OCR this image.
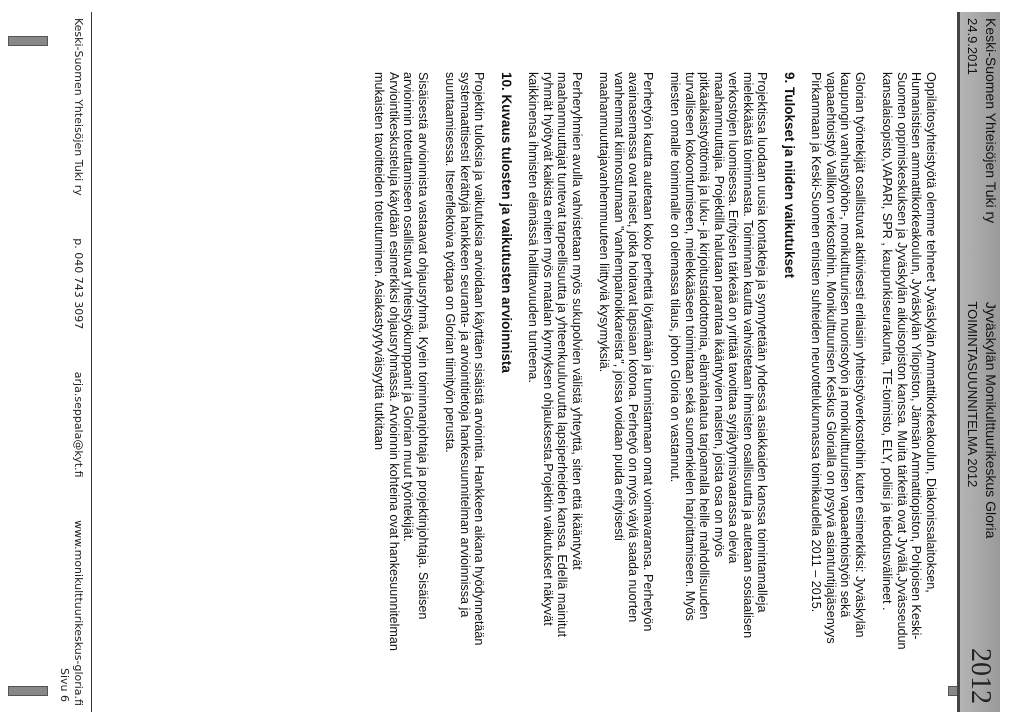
Keski-Suomen Yhteisöjen Tuki ry Jyväskylän Monikulttuurikeskus Gloria
24.9.2011 TOIMINTASUUNNITELMA 2012
2012

Oppilaitosyhteistyötä olemme tehneet Jyväskylän Ammattikorkeakoulun, Diakonissalaitoksen, Humanistisen ammattikorkeakoulun, Jyväskylän Yliopiston, Jämsän Ammattiopiston, Pohjoisen Keski-Suomen oppimiskeskuksen ja Jyväskylän aikuisopiston kanssa. Muita tärkeitä ovat Jyvälä,Jyvässeudun kansalaisopisto,VAPARI, SPR , kaupunkiseurakunta, TE-toimisto, ELY, poliisi ja tiedotusvälineet .

Glorian työntekijät osallistuvat aktiivisesti erilaisiin yhteistyöverkostoihin kuten esimerkiksi: Jyväskylän kaupungin vanhustyöhön-, monikulttuurisen nuorisotyön ja monikulttuurisen vapaaehtoistyön sekä vapaaehtoistyö Vallikon verkostoihin. Monikulttuurisen Keskus Glorialla on pysyvä asiantuntijajäsenyys Pirkanmaan ja Keski-Suomen etnisten suhteiden neuvottelukunnassa toimikaudella 2011 – 2015.

9. Tulokset ja niiden vaikutukset

Projektissa luodaan uusia kontakteja ja synnytetään yhdessä asiakkaiden kanssa toimintamalleja mielekkäästä toiminnasta. Toiminnan kautta vahvistetaan ihmisten osallisuutta ja autetaan sosiaalisen verkostojen luomisessa. Erityisen tärkeää on yrittää tavoittaa syrjäytymisvaarassa olevia maahanmuuttajia. Projektilla halutaan parantaa ikääntyvien naisten, joista osa on myös pitkäaikaistyöttömiä ja luku- ja kirjoitustaidottomia, elämänlaatua tarjoamalla heille mahdollisuuden turvalliseen kokoontumiseen, mielekkääseen toimintaan sekä suomenkielen harjoittamiseen. Myös miesten omalle toiminnalle on olemassa tilaus, johon Gloria on vastannut.

Perhetyön kautta autetaan koko perhettä löytämään ja tunnistamaan omat voimavaransa. Perhetyön avainasemassa ovat naiset, jotka hoitavat lapsiaan kotona. Perhetyö on myös väylä saada nuorten vanhemmat kiinnostumaan "vanhempainoikkareista", joissa voidaan puida erityisesti maahanmuuttajavanhemmuuteen liittyviä kysymyksiä.

Perheryhmien avulla vahvistetaan myös sukupolvien välistä yhteyttä, siten että ikääntyvät maahanmuuttajat tuntevat tarpeellisuutta ja yhteenkuuluvuutta lapsiperheiden kanssa. Edellä mainitut ryhmät hyötyvät kaikista eniten myös matalan kynnyksen ohjauksesta.Projektin vaikutukset näkyvät kaikkinensa ihmisten elämässä hallittavuuden tunteena.

10. Kuvaus tulosten ja vaikutusten arvioinnista

Projektin tuloksia ja vaikutuksia arvioidaan käyttäen sisäistä arviointia. Hankkeen aikana hyödynnetään systemaattisesti kerättyjä hankkeen seuranta- ja arviointitietoja hankesuunnitelman arvioinnissa ja suuntaamisessa. Itsereflektoiva työtapa on Glorian tiimityön perusta.

Sisäisestä arvioinnista vastaavat ohjausryhmä. Kyein toiminnanjohtaja ja projektinjohtaja. Sisäisen arvioinnin toteuttamiseen osallistuvat yhteistyökumppanit ja Glorian muut työntekijät. Arviointikeskusteluja käydään esimerkiksi ohjausryhmässä. Arvioinnin kohteina ovat hankesuunnitelman mukaisten tavoitteiden toteutuminen. Asiakastyytyväisyyttä tutkitaan

Keski-Suomen Yhteisöjen Tuki ry
p. 040 743 3097
arja.seppala@kyt.fi
www.monikulttuurikeskus-gloria.fi
Sivu 6
